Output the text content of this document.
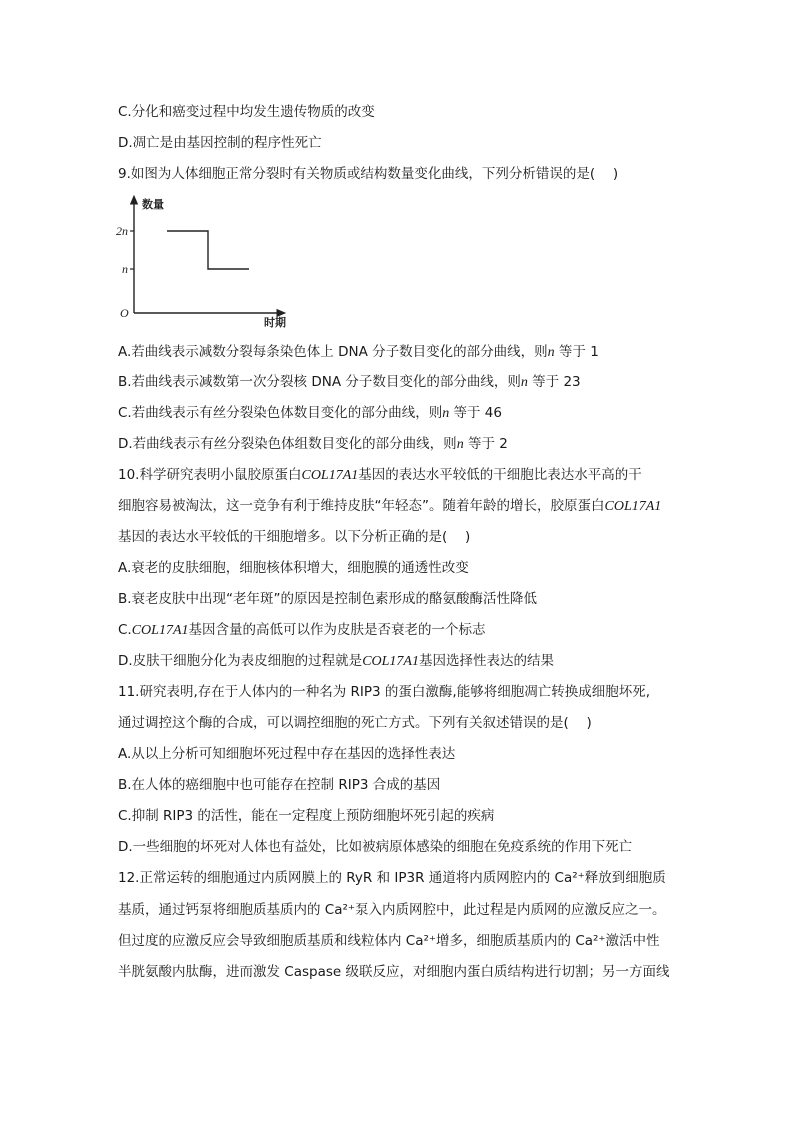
C.分化和癌变过程中均发生遗传物质的改变
D.凋亡是由基因控制的程序性死亡
9.如图为人体细胞正常分裂时有关物质或结构数量变化曲线，下列分析错误的是(　 )
数量
时期
O
2n
n
A.若曲线表示减数分裂每条染色体上 DNA 分子数目变化的部分曲线，则n 等于 1
B.若曲线表示减数第一次分裂核 DNA 分子数目变化的部分曲线，则n 等于 23
C.若曲线表示有丝分裂染色体数目变化的部分曲线，则n 等于 46
D.若曲线表示有丝分裂染色体组数目变化的部分曲线，则n 等于 2
10.科学研究表明小鼠胶原蛋白COL17A1基因的表达水平较低的干细胞比表达水平高的干
细胞容易被淘汰，这一竞争有利于维持皮肤“年轻态”。随着年龄的增长，胶原蛋白COL17A1
基因的表达水平较低的干细胞增多。以下分析正确的是(　 )
A.衰老的皮肤细胞，细胞核体积增大，细胞膜的通透性改变
B.衰老皮肤中出现“老年斑”的原因是控制色素形成的酪氨酸酶活性降低
C.COL17A1基因含量的高低可以作为皮肤是否衰老的一个标志
D.皮肤干细胞分化为表皮细胞的过程就是COL17A1基因选择性表达的结果
11.研究表明,存在于人体内的一种名为 RIP3 的蛋白激酶,能够将细胞凋亡转换成细胞坏死,
通过调控这个酶的合成，可以调控细胞的死亡方式。下列有关叙述错误的是(　 )
A.从以上分析可知细胞坏死过程中存在基因的选择性表达
B.在人体的癌细胞中也可能存在控制 RIP3 合成的基因
C.抑制 RIP3 的活性，能在一定程度上预防细胞坏死引起的疾病
D.一些细胞的坏死对人体也有益处，比如被病原体感染的细胞在免疫系统的作用下死亡
12.正常运转的细胞通过内质网膜上的 RyR 和 IP3R 通道将内质网腔内的 Ca²⁺释放到细胞质
基质，通过钙泵将细胞质基质内的 Ca²⁺泵入内质网腔中，此过程是内质网的应激反应之一。
但过度的应激反应会导致细胞质基质和线粒体内 Ca²⁺增多，细胞质基质内的 Ca²⁺激活中性
半胱氨酸内肽酶，进而激发 Caspase 级联反应，对细胞内蛋白质结构进行切割；另一方面线
